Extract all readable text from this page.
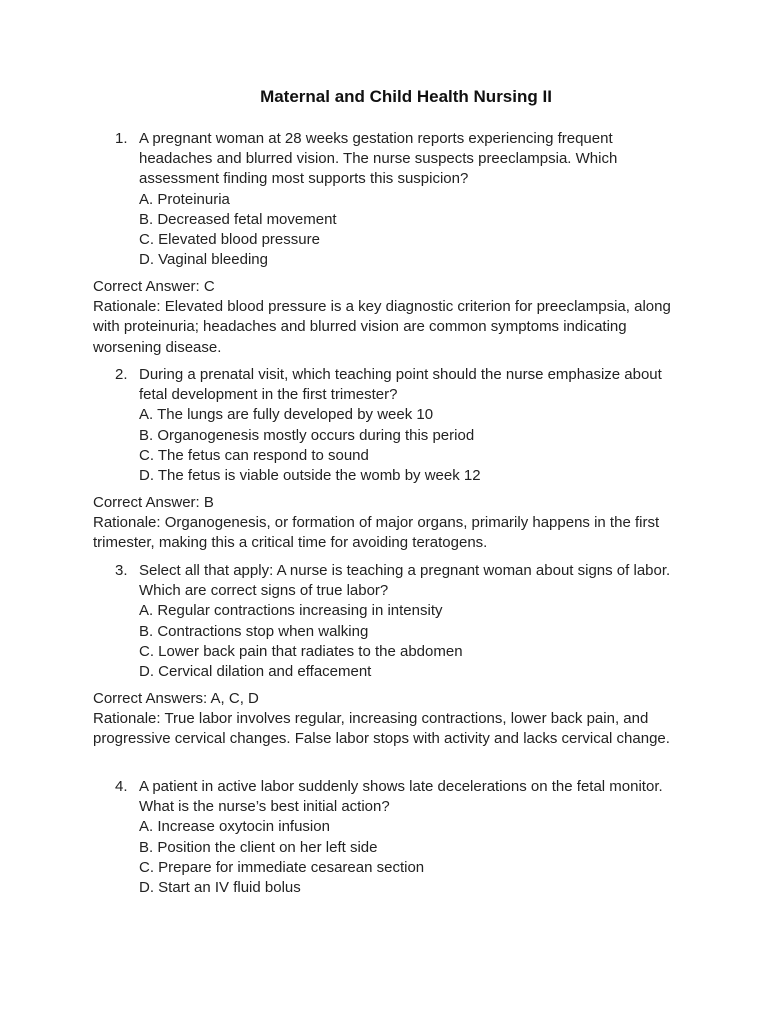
Maternal and Child Health Nursing II
1. A pregnant woman at 28 weeks gestation reports experiencing frequent headaches and blurred vision. The nurse suspects preeclampsia. Which assessment finding most supports this suspicion?
A. Proteinuria
B. Decreased fetal movement
C. Elevated blood pressure
D. Vaginal bleeding
Correct Answer: C
Rationale: Elevated blood pressure is a key diagnostic criterion for preeclampsia, along with proteinuria; headaches and blurred vision are common symptoms indicating worsening disease.
2. During a prenatal visit, which teaching point should the nurse emphasize about fetal development in the first trimester?
A. The lungs are fully developed by week 10
B. Organogenesis mostly occurs during this period
C. The fetus can respond to sound
D. The fetus is viable outside the womb by week 12
Correct Answer: B
Rationale: Organogenesis, or formation of major organs, primarily happens in the first trimester, making this a critical time for avoiding teratogens.
3. Select all that apply: A nurse is teaching a pregnant woman about signs of labor. Which are correct signs of true labor?
A. Regular contractions increasing in intensity
B. Contractions stop when walking
C. Lower back pain that radiates to the abdomen
D. Cervical dilation and effacement
Correct Answers: A, C, D
Rationale: True labor involves regular, increasing contractions, lower back pain, and progressive cervical changes. False labor stops with activity and lacks cervical change.
4. A patient in active labor suddenly shows late decelerations on the fetal monitor. What is the nurse’s best initial action?
A. Increase oxytocin infusion
B. Position the client on her left side
C. Prepare for immediate cesarean section
D. Start an IV fluid bolus
